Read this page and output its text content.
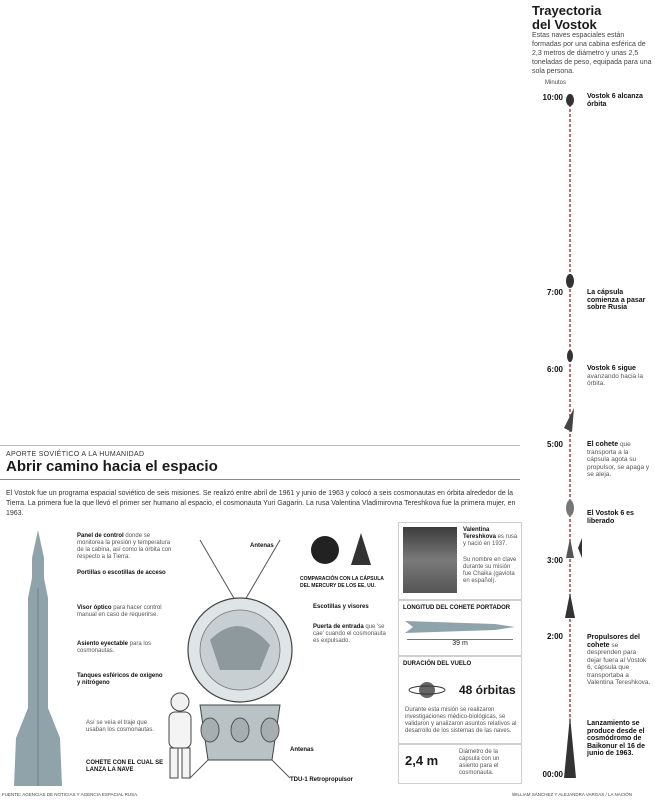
Trayectoria
del Vostok
Estas naves espaciales están formadas por una cabina esférica de 2,3 metros de diámetro y unas 2,5 toneladas de peso, equipada para una sola persona.
Minutos
10:00
7:00
6:00
5:00
3:00
2:00
00:00
Vostok 6 alcanza órbita
La cápsula comienza a pasar sobre Rusia
Vostok 6 sigue avanzando hacia la órbita.
El cohete que transporta a la cápsula agota su propulsor, se apaga y se aleja.
El Vostok 6 es liberado
Propulsores del cohete se desprenden para dejar fuera al Vostok 6, cápsula que transportaba a Valentina Tereshkova.
Lanzamiento se produce desde el cosmódromo de Baikonur el 16 de junio de 1963.
APORTE SOVIÉTICO A LA HUMANIDAD
Abrir camino hacia el espacio
El Vostok fue un programa espacial soviético de seis misiones. Se realizó entre abril de 1961 y junio de 1963 y colocó a seis cosmonautas en órbita alrededor de la Tierra. La primera fue la que llevó el primer ser humano al espacio, el cosmonauta Yuri Gagarin. La rusa Valentina Vladimirovna Tereshkova fue la primera mujer, en 1963.
COHETE CON EL CUAL SE LANZA LA NAVE
Panel de control donde se monitorea la presión y temperatura de la cabina, así como la órbita con respecto a la Tierra.
Portillas o escotillas de acceso
Visor óptico para hacer control manual en caso de requerirse.
Asiento eyectable para los cosmonautas.
Tanques esféricos de oxígeno y nitrógeno
Así se veía el traje que usaban los cosmonautas.
Antenas
Escotillas y visores
Puerta de entrada que 'se cae' cuando el cosmonauta es expulsado.
Antenas
TDU-1 Retropropulsor
COMPARACIÓN CON LA CÁPSULA DEL MERCURY DE LOS EE. UU.
Valentina Tereshkova es rusa y nació en 1937.
Su nombre en clave durante su misión fue Chaika (gaviota en español).
LONGITUD DEL COHETE PORTADOR
39 m
DURACIÓN DEL VUELO
48 órbitas
Durante esta misión se realizaron investigaciones médico-biológicas, se validaron y analizaron asuntos relativos al desarrollo de los sistemas de las naves.
2,4 m
Diámetro de la cápsula con un asiento para el cosmonauta.
FUENTE: AGENCIAS DE NOTICIAS Y AGENCIA ESPACIAL RUSA.	WILLIAM SÁNCHEZ Y ALEJANDRA VARGAS / LA NACIÓN
